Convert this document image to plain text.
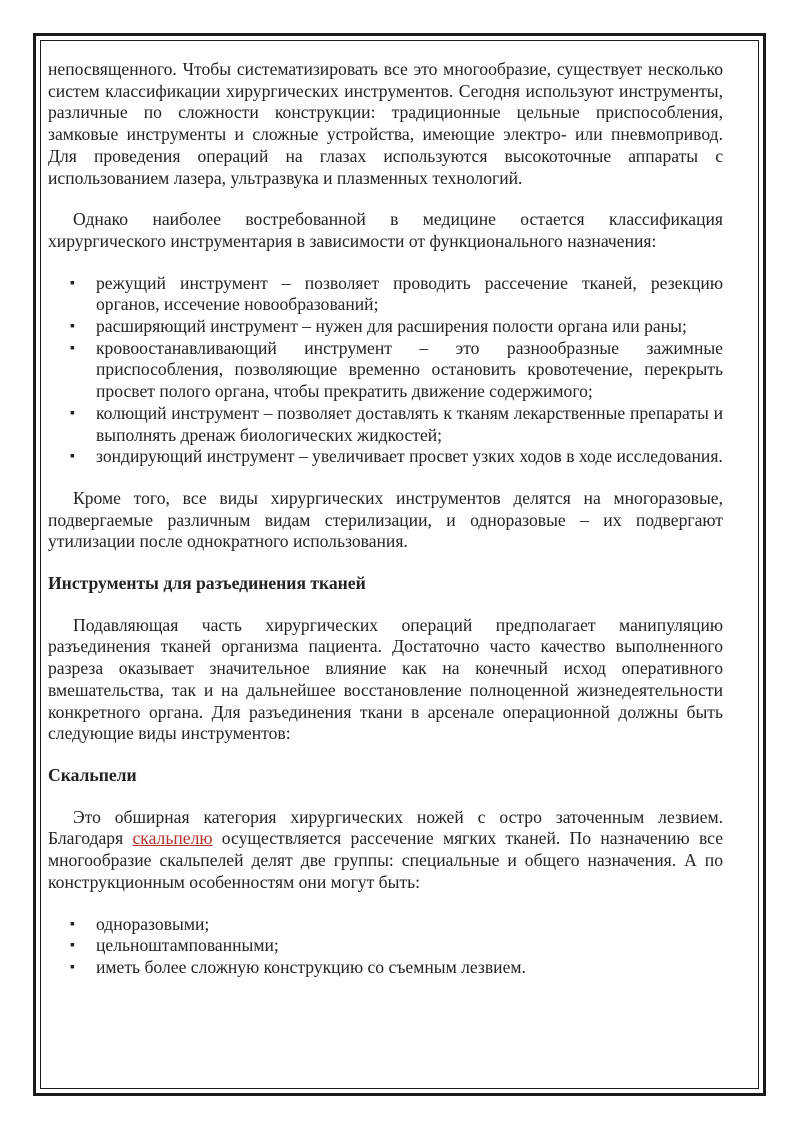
непосвященного. Чтобы систематизировать все это многообразие, существует несколько систем классификации хирургических инструментов. Сегодня используют инструменты, различные по сложности конструкции: традиционные цельные приспособления, замковые инструменты и сложные устройства, имеющие электро- или пневмопривод. Для проведения операций на глазах используются высокоточные аппараты с использованием лазера, ультразвука и плазменных технологий.

Однако наиболее востребованной в медицине остается классификация хирургического инструментария в зависимости от функционального назначения:

▪ режущий инструмент – позволяет проводить рассечение тканей, резекцию органов, иссечение новообразований;
▪ расширяющий инструмент – нужен для расширения полости органа или раны;
▪ кровоостанавливающий инструмент – это разнообразные зажимные приспособления, позволяющие временно остановить кровотечение, перекрыть просвет полого органа, чтобы прекратить движение содержимого;
▪ колющий инструмент – позволяет доставлять к тканям лекарственные препараты и выполнять дренаж биологических жидкостей;
▪ зондирующий инструмент – увеличивает просвет узких ходов в ходе исследования.

Кроме того, все виды хирургических инструментов делятся на многоразовые, подвергаемые различным видам стерилизации, и одноразовые – их подвергают утилизации после однократного использования.

Инструменты для разъединения тканей

Подавляющая часть хирургических операций предполагает манипуляцию разъединения тканей организма пациента. Достаточно часто качество выполненного разреза оказывает значительное влияние как на конечный исход оперативного вмешательства, так и на дальнейшее восстановление полноценной жизнедеятельности конкретного органа. Для разъединения ткани в арсенале операционной должны быть следующие виды инструментов:

Скальпели

Это обширная категория хирургических ножей с остро заточенным лезвием. Благодаря скальпелю осуществляется рассечение мягких тканей. По назначению все многообразие скальпелей делят две группы: специальные и общего назначения. А по конструкционным особенностям они могут быть:

▪ одноразовыми;
▪ цельноштампованными;
▪ иметь более сложную конструкцию со съемным лезвием.
